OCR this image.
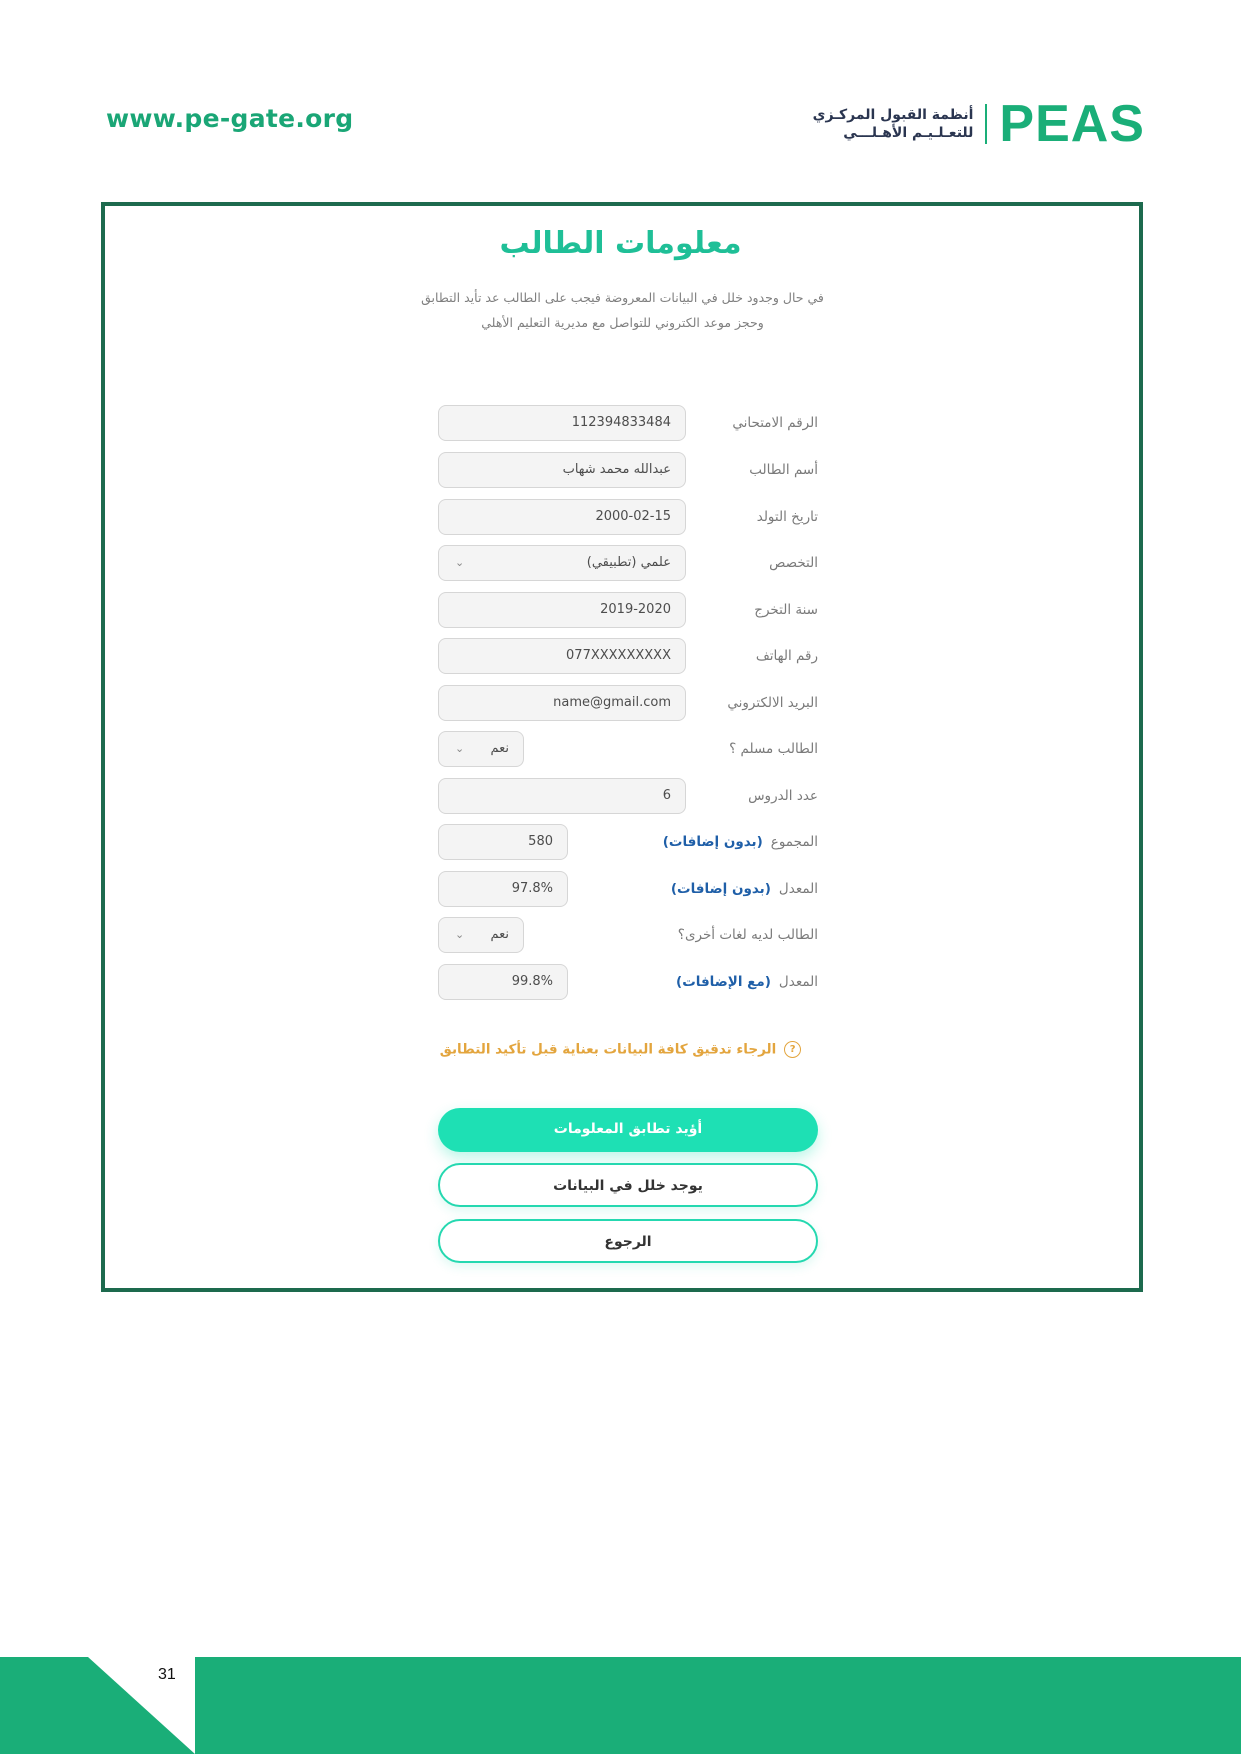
www.pe-gate.org	أنظمة القبول المركـزي
للتعـلـيـم الأهـلـــي PEAS
معلومات الطالب
في حال وجدود خلل في البيانات المعروضة فيجب على الطالب عد تأيد التطابق وحجز موعد الكتروني للتواصل مع مديرية التعليم الأهلي
الرقم الامتحاني
112394833484
أسم الطالب
عبدالله محمد شهاب
تاريخ التولد
2000-02-15
التخصص
علمي (تطبيقي)
⌄
سنة التخرج
2019-2020
رقم الهاتف
077XXXXXXXXX
البريد الالكتروني
name@gmail.com
الطالب مسلم ؟
نعم
⌄
عدد الدروس
6
المجموع(بدون إضافات)
580
المعدل(بدون إضافات)
97.8%
الطالب لديه لغات أخرى؟
نعم
⌄
المعدل(مع الإضافات)
99.8%
?الرجاء تدقيق كافة البيانات بعناية قبل تأكيد التطابق
أؤيد تطابق المعلومات
يوجد خلل في البيانات
الرجوع
31
